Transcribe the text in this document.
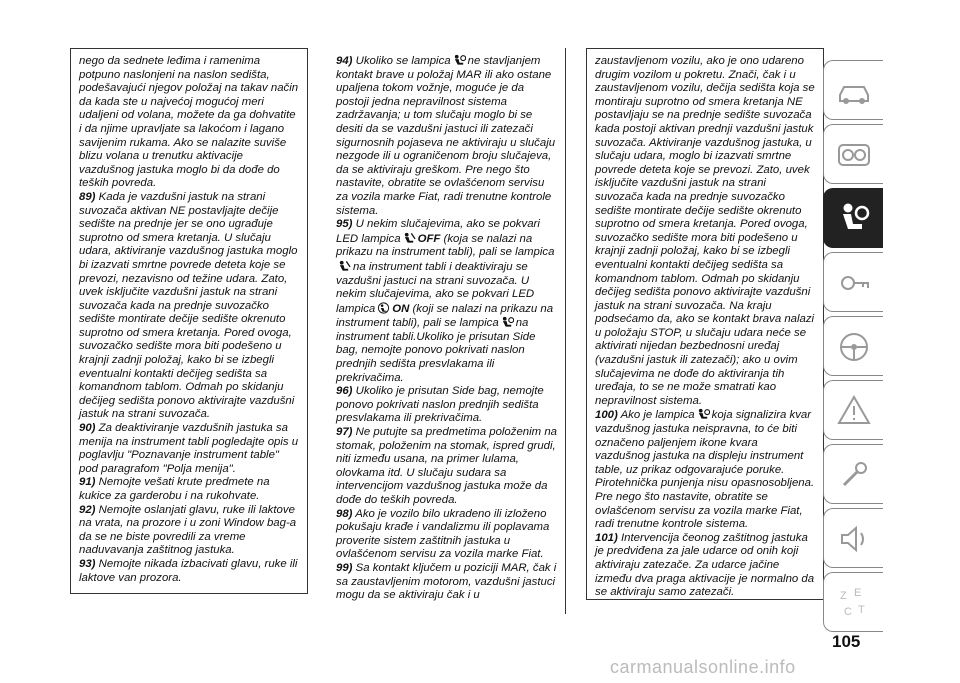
nego da sednete leđima i ramenima potpuno naslonjeni na naslon sedišta, podešavajući njegov položaj na takav način da kada ste u najvećoj mogućoj meri udaljeni od volana, možete da ga dohvatite i da njime upravljate sa lakoćom i lagano savijenim rukama. Ako se nalazite suviše blizu volana u trenutku aktivacije vazdušnog jastuka moglo bi da dođe do teških povreda.

89) Kada je vazdušni jastuk na strani suvozača aktivan NE postavljajte dečije sedište na prednje jer se ono ugrađuje suprotno od smera kretanja. U slučaju udara, aktiviranje vazdušnog jastuka moglo bi izazvati smrtne povrede deteta koje se prevozi, nezavisno od težine udara. Zato, uvek isključite vazdušni jastuk na strani suvozača kada na prednje suvozačko sedište montirate dečije sedište okrenuto suprotno od smera kretanja. Pored ovoga, suvozačko sedište mora biti podešeno u krajnji zadnji položaj, kako bi se izbegli eventualni kontakti dečijeg sedišta sa komandnom tablom. Odmah po skidanju dečijeg sedišta ponovo aktivirajte vazdušni jastuk na strani suvozača.

90) Za deaktiviranje vazdušnih jastuka sa menija na instrument tabli pogledajte opis u poglavlju "Poznavanje instrument table" pod paragrafom "Polja menija".

91) Nemojte vešati krute predmete na kukice za garderobu i na rukohvate.

92) Nemojte oslanjati glavu, ruke ili laktove na vrata, na prozore i u zoni Window bag-a da se ne biste povredili za vreme naduvavanja zaštitnog jastuka.

93) Nemojte nikada izbacivati glavu, ruke ili laktove van prozora.

94) Ukoliko se lampica ne stavljanjem kontakt brave u položaj MAR ili ako ostane upaljena tokom vožnje, moguće je da postoji jedna nepravilnost sistema zadržavanja; u tom slučaju moglo bi se desiti da se vazdušni jastuci ili zatezači sigurnosnih pojaseva ne aktiviraju u slučaju nezgode ili u ograničenom broju slučajeva, da se aktiviraju greškom. Pre nego što nastavite, obratite se ovlašćenom servisu za vozila marke Fiat, radi trenutne kontrole sistema.

95) U nekim slučajevima, ako se pokvari LED lampica OFF (koja se nalazi na prikazu na instrument tabli), pali se lampicana instrument tabli i deaktiviraju se vazdušni jastuci na strani suvozača. U nekim slučajevima, ako se pokvari LED lampica ON (koji se nalazi na prikazu na instrument tabli), pali se lampica na instrument tabli.Ukoliko je prisutan Side bag, nemojte ponovo pokrivati naslon prednjih sedišta presvlakama ili prekrivačima.

96) Ukoliko je prisutan Side bag, nemojte ponovo pokrivati naslon prednjih sedišta presvlakama ili prekrivačima.

97) Ne putujte sa predmetima položenim na stomak, položenim na stomak, ispred grudi, niti između usana, na primer lulama, olovkama itd. U slučaju sudara sa intervencijom vazdušnog jastuka može da dođe do teških povreda.

98) Ako je vozilo bilo ukradeno ili izloženo pokušaju krađe i vandalizmu ili poplavama proverite sistem zaštitnih jastuka u ovlašćenom servisu za vozila marke Fiat.

99) Sa kontakt ključem u poziciji MAR, čak i sa zaustavljenim motorom, vazdušni jastuci mogu da se aktiviraju čak i u

zaustavljenom vozilu, ako je ono udareno drugim vozilom u pokretu. Znači, čak i u zaustavljenom vozilu, dečija sedišta koja se montiraju suprotno od smera kretanja NE postavljaju se na prednje sedište suvozača kada postoji aktivan prednji vazdušni jastuk suvozača. Aktiviranje vazdušnog jastuka, u slučaju udara, moglo bi izazvati smrtne povrede deteta koje se prevozi. Zato, uvek isključite vazdušni jastuk na strani suvozača kada na prednje suvozačko sedište montirate dečije sedište okrenuto suprotno od smera kretanja. Pored ovoga, suvozačko sedište mora biti podešeno u krajnji zadnji položaj, kako bi se izbegli eventualni kontakti dečijeg sedišta sa komandnom tablom. Odmah po skidanju dečijeg sedišta ponovo aktivirajte vazdušni jastuk na strani suvozača. Na kraju podsećamo da, ako se kontakt brava nalazi u položaju STOP, u slučaju udara neće se aktivirati nijedan bezbednosni uređaj (vazdušni jastuk ili zatezači); ako u ovim slučajevima ne dođe do aktiviranja tih uređaja, to se ne može smatrati kao nepravilnost sistema.

100) Ako je lampica koja signalizira kvar vazdušnog jastuka neispravna, to će biti označeno paljenjem ikone kvara vazdušnog jastuka na displeju instrument table, uz prikaz odgovarajuće poruke. Pirotehnička punjenja nisu opasnosobljena. Pre nego što nastavite, obratite se ovlašćenom servisu za vozila marke Fiat, radi trenutne kontrole sistema.

101) Intervencija čeonog zaštitnog jastuka je predviđena za jale udarce od onih koji aktiviraju zatezače. Za udarce jačine između dva praga aktivacije je normalno da se aktiviraju samo zatezači.	Z E
C T
105
carmanualsonline.info
